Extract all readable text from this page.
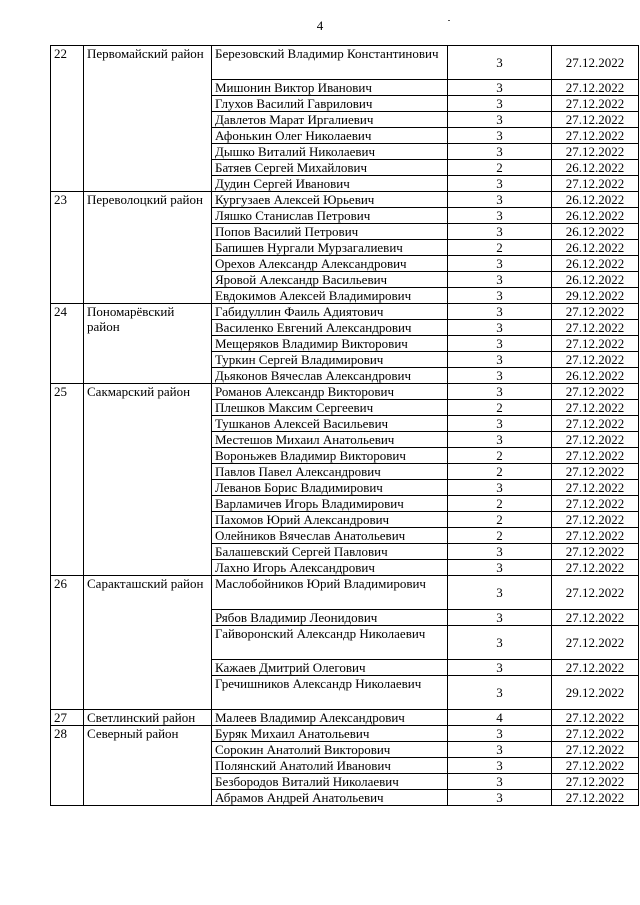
4
22	Первомайский район	Березовский Владимир Константинович	3	27.12.2022
		Мишонин Виктор Иванович	3	27.12.2022
		Глухов Василий Гаврилович	3	27.12.2022
		Давлетов Марат Иргалиевич	3	27.12.2022
		Афонькин Олег Николаевич	3	27.12.2022
		Дышко Виталий Николаевич	3	27.12.2022
		Батяев Сергей Михайлович	2	26.12.2022
		Дудин Сергей Иванович	3	27.12.2022
23	Переволоцкий район	Кургузаев Алексей Юрьевич	3	26.12.2022
		Ляшко Станислав Петрович	3	26.12.2022
		Попов Василий Петрович	3	26.12.2022
		Бапишев Нургали Мурзагалиевич	2	26.12.2022
		Орехов Александр Александрович	3	26.12.2022
		Яровой Александр Васильевич	3	26.12.2022
		Евдокимов Алексей Владимирович	3	29.12.2022
24	Пономарёвский район	Габидуллин Фаиль Адиятович	3	27.12.2022
		Василенко Евгений Александрович	3	27.12.2022
		Мещеряков Владимир Викторович	3	27.12.2022
		Туркин Сергей Владимирович	3	27.12.2022
		Дьяконов Вячеслав Александрович	3	26.12.2022
25	Сакмарский район	Романов Александр Викторович	3	27.12.2022
		Плешков Максим Сергеевич	2	27.12.2022
		Тушканов Алексей Васильевич	3	27.12.2022
		Местешов Михаил Анатольевич	3	27.12.2022
		Вороньжев Владимир Викторович	2	27.12.2022
		Павлов Павел Александрович	2	27.12.2022
		Леванов Борис Владимирович	3	27.12.2022
		Варламичев Игорь Владимирович	2	27.12.2022
		Пахомов Юрий Александрович	2	27.12.2022
		Олейников Вячеслав Анатольевич	2	27.12.2022
		Балашевский Сергей Павлович	3	27.12.2022
		Лахно Игорь Александрович	3	27.12.2022
26	Саракташский район	Маслобойников Юрий Владимирович	3	27.12.2022
		Рябов Владимир Леонидович	3	27.12.2022
		Гайворонский Александр Николаевич	3	27.12.2022
		Кажаев Дмитрий Олегович	3	27.12.2022
		Гречишников Александр Николаевич	3	29.12.2022
27	Светлинский район	Малеев Владимир Александрович	4	27.12.2022
28	Северный район	Буряк Михаил Анатольевич	3	27.12.2022
		Сорокин Анатолий Викторович	3	27.12.2022
		Полянский Анатолий Иванович	3	27.12.2022
		Безбородов Виталий Николаевич	3	27.12.2022
		Абрамов Андрей Анатольевич	3	27.12.2022
